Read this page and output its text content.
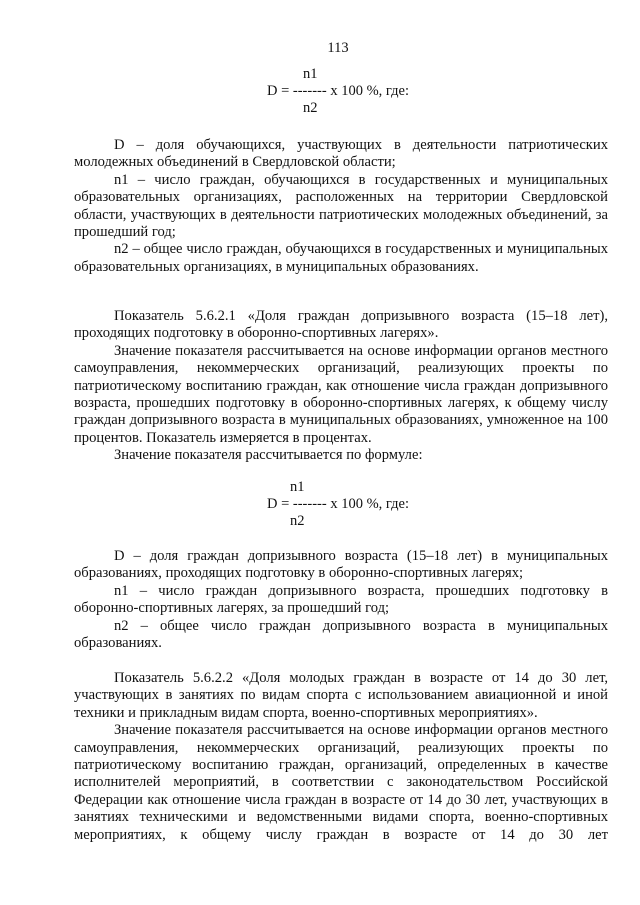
113
n1
D = ------- х 100 %, где:
n2

D – доля обучающихся, участвующих в деятельности патриотических молодежных объединений в Свердловской области;

n1 – число граждан, обучающихся в государственных и муниципальных образовательных организациях, расположенных на территории Свердловской области, участвующих в деятельности патриотических молодежных объединений, за прошедший год;

n2 – общее число граждан, обучающихся в государственных и муниципальных образовательных организациях, в муниципальных образованиях.

Показатель 5.6.2.1 «Доля граждан допризывного возраста (15–18 лет), проходящих подготовку в оборонно-спортивных лагерях».

Значение показателя рассчитывается на основе информации органов местного самоуправления, некоммерческих организаций, реализующих проекты по патриотическому воспитанию граждан, как отношение числа граждан допризывного возраста, прошедших подготовку в оборонно-спортивных лагерях, к общему числу граждан допризывного возраста в муниципальных образованиях, умноженное на 100 процентов. Показатель измеряется в процентах.

Значение показателя рассчитывается по формуле:

n1
D = ------- х 100 %, где:
n2

D – доля граждан допризывного возраста (15–18 лет) в муниципальных образованиях, проходящих подготовку в оборонно-спортивных лагерях;

n1 – число граждан допризывного возраста, прошедших подготовку в оборонно-спортивных лагерях, за прошедший год;

n2 – общее число граждан допризывного возраста в муниципальных образованиях.

Показатель 5.6.2.2 «Доля молодых граждан в возрасте от 14 до 30 лет, участвующих в занятиях по видам спорта с использованием авиационной и иной техники и прикладным видам спорта, военно-спортивных мероприятиях».

Значение показателя рассчитывается на основе информации органов местного самоуправления, некоммерческих организаций, реализующих проекты по патриотическому воспитанию граждан, организаций, определенных в качестве исполнителей мероприятий, в соответствии с законодательством Российской Федерации как отношение числа граждан в возрасте от 14 до 30 лет, участвующих в занятиях техническими и ведомственными видами спорта, военно-спортивных мероприятиях, к общему числу граждан в возрасте от 14 до 30 лет
